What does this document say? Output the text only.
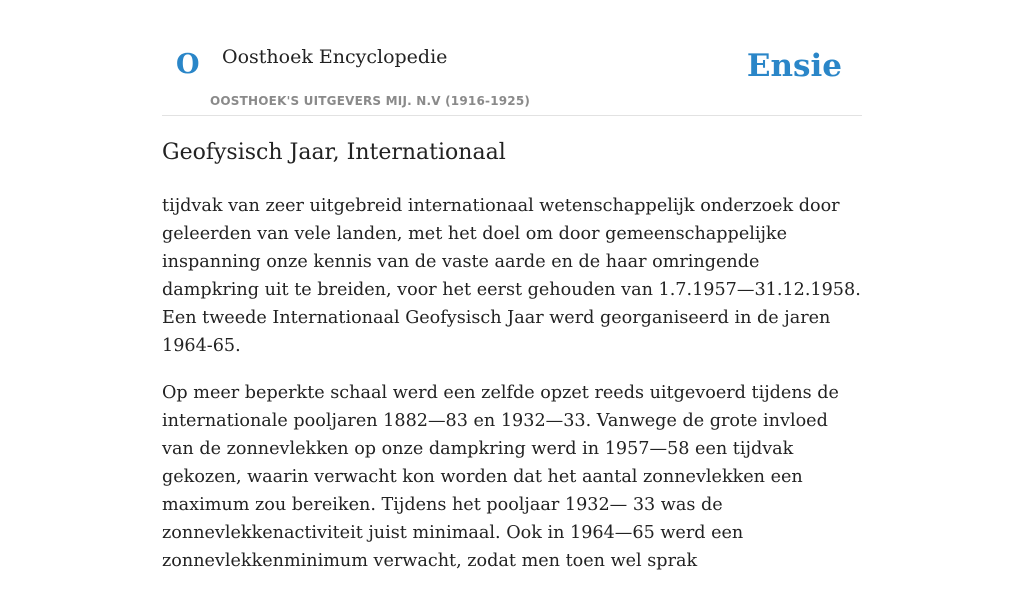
O Oosthoek Encyclopedie
OOSTHOEK'S UITGEVERS MIJ. N.V (1916-1925)
Ensie
Geofysisch Jaar, Internationaal

tijdvak van zeer uitgebreid internationaal wetenschappelijk onderzoek door geleerden van vele landen, met het doel om door gemeenschappelijke inspanning onze kennis van de vaste aarde en de haar omringende dampkring uit te breiden, voor het eerst gehouden van 1.7.1957—31.12.1958. Een tweede Internationaal Geofysisch Jaar werd georganiseerd in de jaren 1964-65.

Op meer beperkte schaal werd een zelfde opzet reeds uitgevoerd tijdens de internationale pooljaren 1882—83 en 1932—33. Vanwege de grote invloed van de zonnevlekken op onze dampkring werd in 1957—58 een tijdvak gekozen, waarin verwacht kon worden dat het aantal zonnevlekken een maximum zou bereiken. Tijdens het pooljaar 1932— 33 was de zonnevlekkenactiviteit juist minimaal. Ook in 1964—65 werd een zonnevlekkenminimum verwacht, zodat men toen wel sprak
